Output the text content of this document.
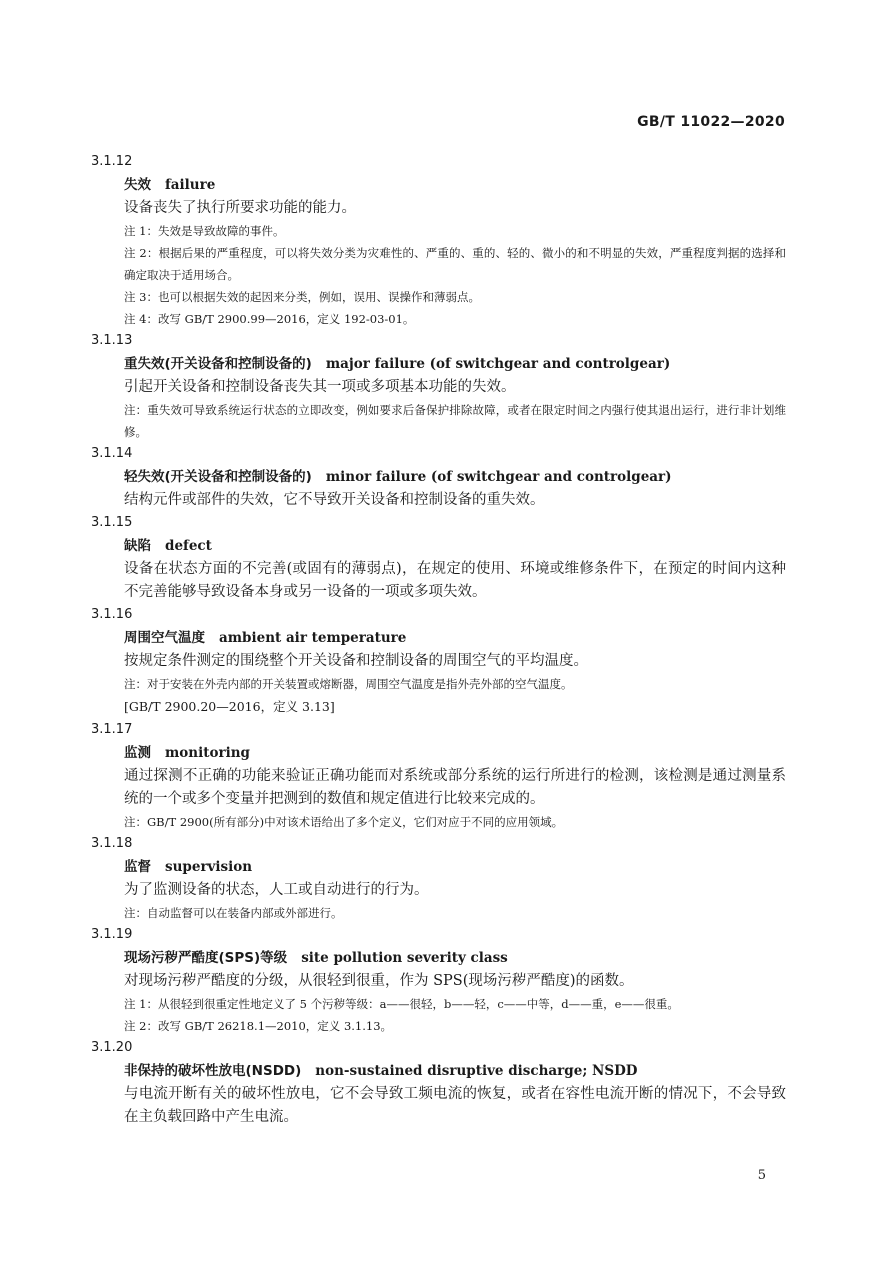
GB/T 11022—2020
3.1.12
失效 failure
设备丧失了执行所要求功能的能力。
注 1：失效是导致故障的事件。
注 2：根据后果的严重程度，可以将失效分类为灾难性的、严重的、重的、轻的、微小的和不明显的失效，严重程度判据的选择和确定取决于适用场合。
注 3：也可以根据失效的起因来分类，例如，误用、误操作和薄弱点。
注 4：改写 GB/T 2900.99—2016，定义 192-03-01。
3.1.13
重失效(开关设备和控制设备的) major failure (of switchgear and controlgear)
引起开关设备和控制设备丧失其一项或多项基本功能的失效。
注：重失效可导致系统运行状态的立即改变，例如要求后备保护排除故障，或者在限定时间之内强行使其退出运行，进行非计划维修。
3.1.14
轻失效(开关设备和控制设备的) minor failure (of switchgear and controlgear)
结构元件或部件的失效，它不导致开关设备和控制设备的重失效。
3.1.15
缺陷 defect
设备在状态方面的不完善(或固有的薄弱点)，在规定的使用、环境或维修条件下，在预定的时间内这种不完善能够导致设备本身或另一设备的一项或多项失效。
3.1.16
周围空气温度 ambient air temperature
按规定条件测定的围绕整个开关设备和控制设备的周围空气的平均温度。
注：对于安装在外壳内部的开关装置或熔断器，周围空气温度是指外壳外部的空气温度。
[GB/T 2900.20—2016，定义 3.13]
3.1.17
监测 monitoring
通过探测不正确的功能来验证正确功能而对系统或部分系统的运行所进行的检测，该检测是通过测量系统的一个或多个变量并把测到的数值和规定值进行比较来完成的。
注：GB/T 2900(所有部分)中对该术语给出了多个定义，它们对应于不同的应用领域。
3.1.18
监督 supervision
为了监测设备的状态，人工或自动进行的行为。
注：自动监督可以在装备内部或外部进行。
3.1.19
现场污秽严酷度(SPS)等级 site pollution severity class
对现场污秽严酷度的分级，从很轻到很重，作为 SPS(现场污秽严酷度)的函数。
注 1：从很轻到很重定性地定义了 5 个污秽等级：a——很轻，b——轻，c——中等，d——重，e——很重。
注 2：改写 GB/T 26218.1—2010，定义 3.1.13。
3.1.20
非保持的破坏性放电(NSDD) non-sustained disruptive discharge; NSDD
与电流开断有关的破坏性放电，它不会导致工频电流的恢复，或者在容性电流开断的情况下，不会导致在主负载回路中产生电流。
5
